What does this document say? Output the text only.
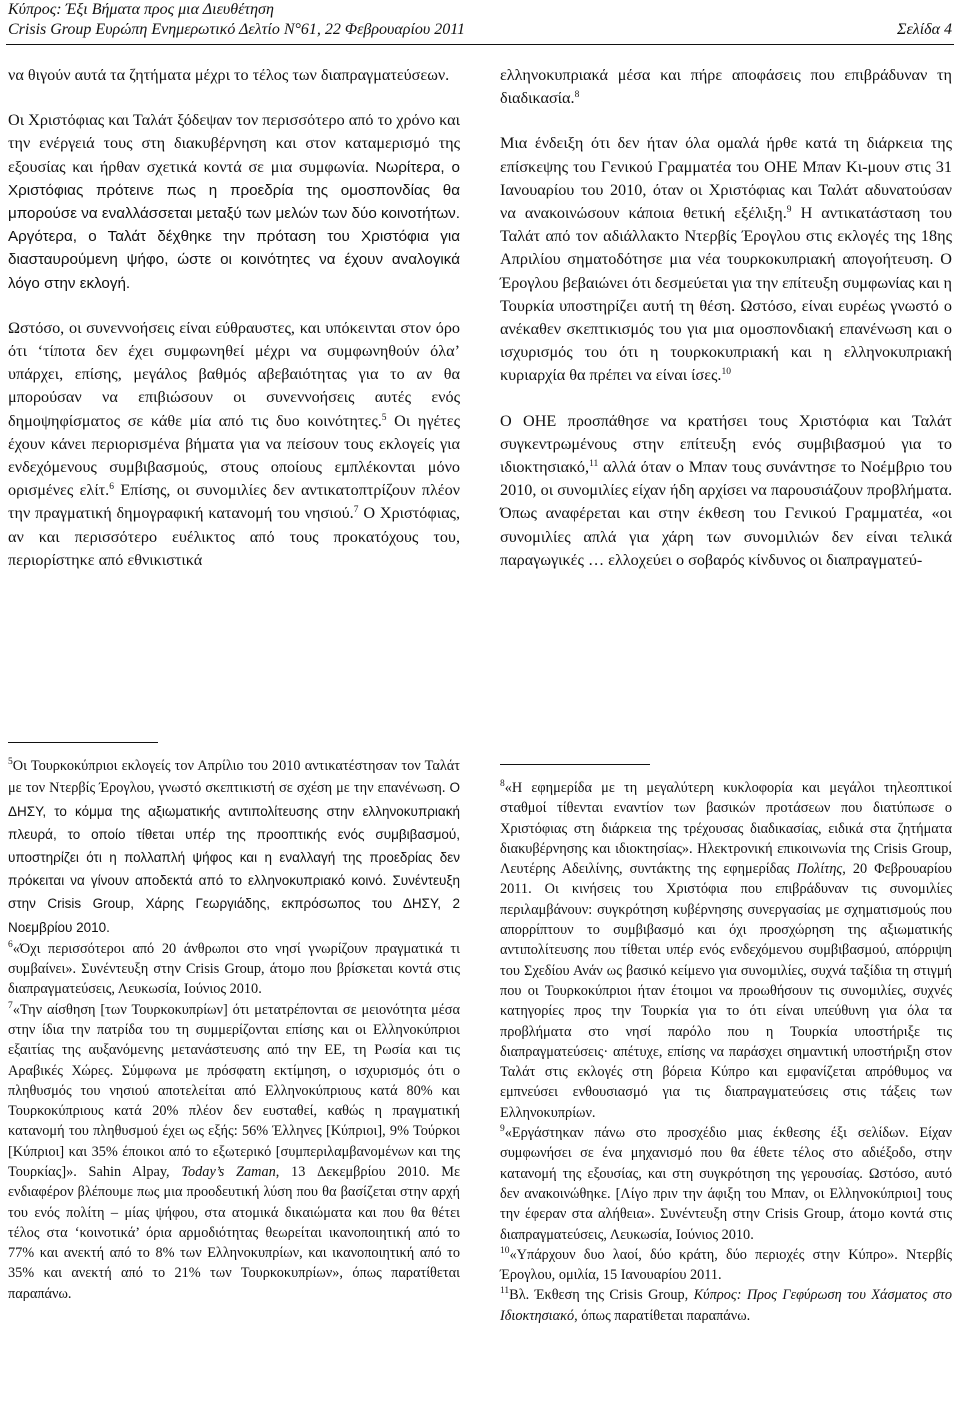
Κύπρος: Έξι Βήματα προς μια Διευθέτηση
Crisis Group Ευρώπη Ενημερωτικό Δελτίο N°61, 22 Φεβρουαρίου 2011	Σελίδα 4

να θιγούν αυτά τα ζητήματα μέχρι το τέλος των διαπραγματεύσεων.

Οι Χριστόφιας και Ταλάτ ξόδεψαν τον περισσότερο από το χρόνο και την ενέργειά τους στη διακυβέρνηση και στον καταμερισμό της εξουσίας και ήρθαν σχετικά κοντά σε μια συμφωνία. Νωρίτερα, ο Χριστόφιας πρότεινε πως η προεδρία της ομοσπονδίας θα μπορούσε να εναλλάσσεται μεταξύ των μελών των δύο κοινοτήτων. Αργότερα, ο Ταλάτ δέχθηκε την πρόταση του Χριστόφια για διασταυρούμενη ψήφο, ώστε οι κοινότητες να έχουν αναλογικά λόγο στην εκλογή.

Ωστόσο, οι συνεννοήσεις είναι εύθραυστες, και υπόκεινται στον όρο ότι ‘τίποτα δεν έχει συμφωνηθεί μέχρι να συμφωνηθούν όλα’ υπάρχει, επίσης, μεγάλος βαθμός αβεβαιότητας για το αν θα μπορούσαν να επιβιώσουν οι συνεννοήσεις αυτές ενός δημοψηφίσματος σε κάθε μία από τις δυο κοινότητες.$^5$ Οι ηγέτες έχουν κάνει περιορισμένα βήματα για να πείσουν τους εκλογείς για ενδεχόμενους συμβιβασμούς, στους οποίους εμπλέκονται μόνο ορισμένες ελίτ.$^6$ Επίσης, οι συνομιλίες δεν αντικατοπτρίζουν πλέον την πραγματική δημογραφική κατανομή του νησιού.$^7$ Ο Χριστόφιας, αν και περισσότερο ευέλικτος από τους προκατόχους του, περιορίστηκε από εθνικιστικά

ελληνοκυπριακά μέσα και πήρε αποφάσεις που επιβράδυναν τη διαδικασία.$^8$

Μια ένδειξη ότι δεν ήταν όλα ομαλά ήρθε κατά τη διάρκεια της επίσκεψης του Γενικού Γραμματέα του ΟΗΕ Μπαν Κι-μουν στις 31 Ιανουαρίου του 2010, όταν οι Χριστόφιας και Ταλάτ αδυνατούσαν να ανακοινώσουν κάποια θετική εξέλιξη.$^9$ Η αντικατάσταση του Ταλάτ από τον αδιάλλακτο Ντερβίς Έρογλου στις εκλογές της 18ης Απριλίου σηματοδότησε μια νέα τουρκοκυπριακή απογοήτευση. Ο Έρογλου βεβαιώνει ότι δεσμεύεται για την επίτευξη συμφωνίας και η Τουρκία υποστηρίζει αυτή τη θέση. Ωστόσο, είναι ευρέως γνωστό ο ανέκαθεν σκεπτικισμός του για μια ομοσπονδιακή επανένωση και ο ισχυρισμός του ότι η τουρκοκυπριακή και η ελληνοκυπριακή κυριαρχία θα πρέπει να είναι ίσες.$^{10}$

Ο ΟΗΕ προσπάθησε να κρατήσει τους Χριστόφια και Ταλάτ συγκεντρωμένους στην επίτευξη ενός συμβιβασμού για το ιδιοκτησιακό,$^{11}$ αλλά όταν ο Μπαν τους συνάντησε το Νοέμβριο του 2010, οι συνομιλίες είχαν ήδη αρχίσει να παρουσιάζουν προβλήματα. Όπως αναφέρεται και στην έκθεση του Γενικού Γραμματέα, «οι συνομιλίες απλά για χάρη των συνομιλιών δεν είναι τελικά παραγωγικές … ελλοχεύει ο σοβαρός κίνδυνος οι διαπραγματεύ-

$^5$Οι Τουρκοκύπριοι εκλογείς τον Απρίλιο του 2010 αντικατέστησαν τον Ταλάτ με τον Ντερβίς Έρογλου, γνωστό σκεπτικιστή σε σχέση με την επανένωση. Ο ΔΗΣΥ, το κόμμα της αξιωματικής αντιπολίτευσης στην ελληνοκυπριακή πλευρά, το οποίο τίθεται υπέρ της προοπτικής ενός συμβιβασμού, υποστηρίζει ότι η πολλαπλή ψήφος και η εναλλαγή της προεδρίας δεν πρόκειται να γίνουν αποδεκτά από το ελληνοκυπριακό κοινό. Συνέντευξη στην Crisis Group, Χάρης Γεωργιάδης, εκπρόσωπος του ΔΗΣΥ, 2 Νοεμβρίου 2010.

$^6$«Όχι περισσότεροι από 20 άνθρωποι στο νησί γνωρίζουν πραγματικά τι συμβαίνει». Συνέντευξη στην Crisis Group, άτομο που βρίσκεται κοντά στις διαπραγματεύσεις, Λευκωσία, Ιούνιος 2010.

$^7$«Την αίσθηση [των Τουρκοκυπρίων] ότι μετατρέπονται σε μειονότητα μέσα στην ίδια την πατρίδα του τη συμμερίζονται επίσης και οι Ελληνοκύπριοι εξαιτίας της αυξανόμενης μετανάστευσης από την ΕΕ, τη Ρωσία και τις Αραβικές Χώρες. Σύμφωνα με πρόσφατη εκτίμηση, ο ισχυρισμός ότι ο πληθυσμός του νησιού αποτελείται από Ελληνοκύπριους κατά 80% και Τουρκοκύπριους κατά 20% πλέον δεν ευσταθεί, καθώς η πραγματική κατανομή του πληθυσμού έχει ως εξής: 56% Έλληνες [Κύπριοι], 9% Τούρκοι [Κύπριοι] και 35% έποικοι από το εξωτερικό [συμπεριλαμβανομένων και της Τουρκίας]». Sahin Alpay, Today’s Zaman, 13 Δεκεμβρίου 2010. Με ενδιαφέρον βλέπουμε πως μια προοδευτική λύση που θα βασίζεται στην αρχή του ενός πολίτη – μίας ψήφου, στα ατομικά δικαιώματα και που θα θέτει τέλος στα ‘κοινοτικά’ όρια αρμοδιότητας θεωρείται ικανοποιητική από το 77% και ανεκτή από το 8% των Ελληνοκυπρίων, και ικανοποιητική από το 35% και ανεκτή από το 21% των Τουρκοκυπρίων», όπως παρατίθεται παραπάνω.

$^8$«Η εφημερίδα με τη μεγαλύτερη κυκλοφορία και μεγάλοι τηλεοπτικοί σταθμοί τίθενται εναντίον των βασικών προτάσεων που διατύπωσε ο Χριστόφιας στη διάρκεια της τρέχουσας διαδικασίας, ειδικά στα ζητήματα διακυβέρνησης και ιδιοκτησίας». Ηλεκτρονική επικοινωνία της Crisis Group, Λευτέρης Αδειλίνης, συντάκτης της εφημερίδας Πολίτης, 20 Φεβρουαρίου 2011. Οι κινήσεις του Χριστόφια που επιβράδυναν τις συνομιλίες περιλαμβάνουν: συγκρότηση κυβέρνησης συνεργασίας με σχηματισμούς που απορρίπτουν το συμβιβασμό και όχι προσχώρηση της αξιωματικής αντιπολίτευσης που τίθεται υπέρ ενός ενδεχόμενου συμβιβασμού, απόρριψη του Σχεδίου Ανάν ως βασικό κείμενο για συνομιλίες, συχνά ταξίδια τη στιγμή που οι Τουρκοκύπριοι ήταν έτοιμοι να προωθήσουν τις συνομιλίες, συχνές κατηγορίες προς την Τουρκία για το ότι είναι υπεύθυνη για όλα τα προβλήματα στο νησί παρόλο που η Τουρκία υποστήριξε τις διαπραγματεύσεις· απέτυχε, επίσης να παράσχει σημαντική υποστήριξη στον Ταλάτ στις εκλογές στη βόρεια Κύπρο και εμφανίζεται απρόθυμος να εμπνεύσει ενθουσιασμό για τις διαπραγματεύσεις στις τάξεις των Ελληνοκυπρίων.

$^9$«Εργάστηκαν πάνω στο προσχέδιο μιας έκθεσης έξι σελίδων. Είχαν συμφωνήσει σε ένα μηχανισμό που θα έθετε τέλος στο αδιέξοδο, στην κατανομή της εξουσίας, και στη συγκρότηση της γερουσίας. Ωστόσο, αυτό δεν ανακοινώθηκε. [Λίγο πριν την άφιξη του Μπαν, οι Ελληνοκύπριοι] τους την έφεραν στα αλήθεια». Συνέντευξη στην Crisis Group, άτομο κοντά στις διαπραγματεύσεις, Λευκωσία, Ιούνιος 2010.

$^{10}$«Υπάρχουν δυο λαοί, δύο κράτη, δύο περιοχές στην Κύπρο». Ντερβίς Έρογλου, ομιλία, 15 Ιανουαρίου 2011.

$^{11}$Βλ. Έκθεση της Crisis Group, Κύπρος: Προς Γεφύρωση του Χάσματος στο Ιδιοκτησιακό, όπως παρατίθεται παραπάνω.
